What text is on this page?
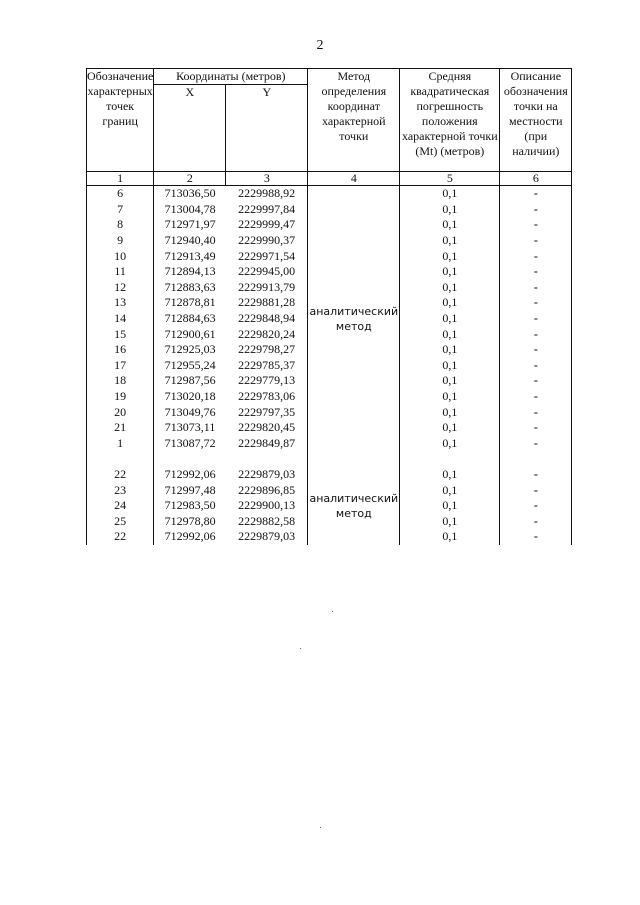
2
Обозначение характерных точек границ	Координаты (метров)		Метод определения координат характерной точки	Средняя квадратическая погрешность положения характерной точки (Mt) (метров)	Описание обозначения точки на местности (при наличии)
	X	Y			
1	2	3	4	5	6
6	713036,50	2229988,92	аналитический метод	0,1	-
7	713004,78	2229997,84		0,1	-
8	712971,97	2229999,47		0,1	-
9	712940,40	2229990,37		0,1	-
10	712913,49	2229971,54		0,1	-
11	712894,13	2229945,00		0,1	-
12	712883,63	2229913,79		0,1	-
13	712878,81	2229881,28		0,1	-
14	712884,63	2229848,94		0,1	-
15	712900,61	2229820,24		0,1	-
16	712925,03	2229798,27		0,1	-
17	712955,24	2229785,37		0,1	-
18	712987,56	2229779,13		0,1	-
19	713020,18	2229783,06		0,1	-
20	713049,76	2229797,35		0,1	-
21	713073,11	2229820,45		0,1	-
1	713087,72	2229849,87		0,1	-

22	712992,06	2229879,03	аналитический метод	0,1	-
23	712997,48	2229896,85		0,1	-
24	712983,50	2229900,13		0,1	-
25	712978,80	2229882,58		0,1	-
22	712992,06	2229879,03		0,1	-
